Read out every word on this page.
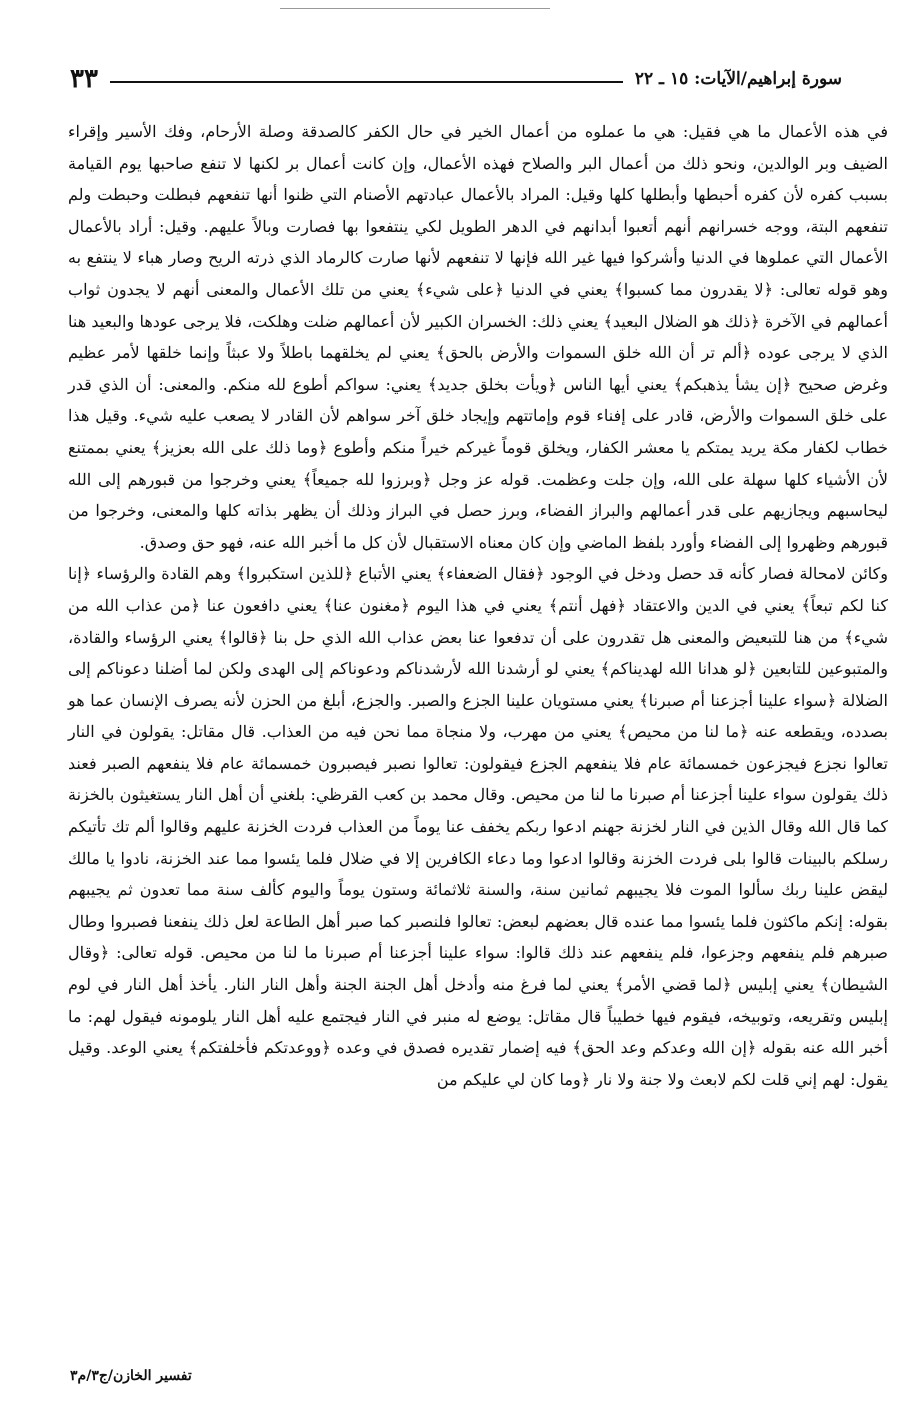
سورة إبراهيم/الآيات: ١٥ ـ ٢٢
٣٣

في هذه الأعمال ما هي فقيل: هي ما عملوه من أعمال الخير في حال الكفر كالصدقة وصلة الأرحام، وفك الأسير وإقراء الضيف وبر الوالدين، ونحو ذلك من أعمال البر والصلاح فهذه الأعمال، وإن كانت أعمال بر لكنها لا تنفع صاحبها يوم القيامة بسبب كفره لأن كفره أحبطها وأبطلها كلها وقيل: المراد بالأعمال عبادتهم الأصنام التي ظنوا أنها تنفعهم فبطلت وحبطت ولم تنفعهم البتة، ووجه خسرانهم أنهم أتعبوا أبدانهم في الدهر الطويل لكي ينتفعوا بها فصارت وبالاً عليهم. وقيل: أراد بالأعمال الأعمال التي عملوها في الدنيا وأشركوا فيها غير الله فإنها لا تنفعهم لأنها صارت كالرماد الذي ذرته الريح وصار هباء لا ينتفع به وهو قوله تعالى: ﴿لا يقدرون مما كسبوا﴾ يعني في الدنيا ﴿على شيء﴾ يعني من تلك الأعمال والمعنى أنهم لا يجدون ثواب أعمالهم في الآخرة ﴿ذلك هو الضلال البعيد﴾ يعني ذلك: الخسران الكبير لأن أعمالهم ضلت وهلكت، فلا يرجى عودها والبعيد هنا الذي لا يرجى عوده ﴿ألم تر أن الله خلق السموات والأرض بالحق﴾ يعني لم يخلقهما باطلاً ولا عبثاً وإنما خلقها لأمر عظيم وغرض صحيح ﴿إن يشأ يذهبكم﴾ يعني أيها الناس ﴿ويأت بخلق جديد﴾ يعني: سواكم أطوع لله منكم. والمعنى: أن الذي قدر على خلق السموات والأرض، قادر على إفناء قوم وإماتتهم وإيجاد خلق آخر سواهم لأن القادر لا يصعب عليه شيء. وقيل هذا خطاب لكفار مكة يريد يمتكم يا معشر الكفار، ويخلق قوماً غيركم خيراً منكم وأطوع ﴿وما ذلك على الله بعزيز﴾ يعني بممتنع لأن الأشياء كلها سهلة على الله، وإن جلت وعظمت. قوله عز وجل ﴿وبرزوا لله جميعاً﴾ يعني وخرجوا من قبورهم إلى الله ليحاسبهم ويجازيهم على قدر أعمالهم والبراز الفضاء، وبرز حصل في البراز وذلك أن يظهر بذاته كلها والمعنى، وخرجوا من قبورهم وظهروا إلى الفضاء وأورد بلفظ الماضي وإن كان معناه الاستقبال لأن كل ما أخبر الله عنه، فهو حق وصدق.

وكائن لامحالة فصار كأنه قد حصل ودخل في الوجود ﴿فقال الضعفاء﴾ يعني الأتباع ﴿للذين استكبروا﴾ وهم القادة والرؤساء ﴿إنا كنا لكم تبعاً﴾ يعني في الدين والاعتقاد ﴿فهل أنتم﴾ يعني في هذا اليوم ﴿مغنون عنا﴾ يعني دافعون عنا ﴿من عذاب الله من شيء﴾ من هنا للتبعيض والمعنى هل تقدرون على أن تدفعوا عنا بعض عذاب الله الذي حل بنا ﴿قالوا﴾ يعني الرؤساء والقادة، والمتبوعين للتابعين ﴿لو هدانا الله لهديناكم﴾ يعني لو أرشدنا الله لأرشدناكم ودعوناكم إلى الهدى ولكن لما أضلنا دعوناكم إلى الضلالة ﴿سواء علينا أجزعنا أم صبرنا﴾ يعني مستويان علينا الجزع والصبر. والجزع، أبلغ من الحزن لأنه يصرف الإنسان عما هو بصدده، ويقطعه عنه ﴿ما لنا من محيص﴾ يعني من مهرب، ولا منجاة مما نحن فيه من العذاب. قال مقاتل: يقولون في النار تعالوا نجزع فيجزعون خمسمائة عام فلا ينفعهم الجزع فيقولون: تعالوا نصبر فيصبرون خمسمائة عام فلا ينفعهم الصبر فعند ذلك يقولون سواء علينا أجزعنا أم صبرنا ما لنا من محيص. وقال محمد بن كعب القرظي: بلغني أن أهل النار يستغيثون بالخزنة كما قال الله وقال الذين في النار لخزنة جهنم ادعوا ربكم يخفف عنا يوماً من العذاب فردت الخزنة عليهم وقالوا ألم تك تأتيكم رسلكم بالبينات قالوا بلى فردت الخزنة وقالوا ادعوا وما دعاء الكافرين إلا في ضلال فلما يئسوا مما عند الخزنة، نادوا يا مالك ليقض علينا ربك سألوا الموت فلا يجيبهم ثمانين سنة، والسنة ثلاثمائة وستون يوماً واليوم كألف سنة مما تعدون ثم يجيبهم بقوله: إنكم ماكثون فلما يئسوا مما عنده قال بعضهم لبعض: تعالوا فلنصبر كما صبر أهل الطاعة لعل ذلك ينفعنا فصبروا وطال صبرهم فلم ينفعهم وجزعوا، فلم ينفعهم عند ذلك قالوا: سواء علينا أجزعنا أم صبرنا ما لنا من محيص. قوله تعالى: ﴿وقال الشيطان﴾ يعني إبليس ﴿لما قضي الأمر﴾ يعني لما فرغ منه وأدخل أهل الجنة الجنة وأهل النار النار. يأخذ أهل النار في لوم إبليس وتقريعه، وتوبيخه، فيقوم فيها خطيباً قال مقاتل: يوضع له منبر في النار فيجتمع عليه أهل النار يلومونه فيقول لهم: ما أخبر الله عنه بقوله ﴿إن الله وعدكم وعد الحق﴾ فيه إضمار تقديره فصدق في وعده ﴿ووعدتكم فأخلفتكم﴾ يعني الوعد. وقيل يقول: لهم إني قلت لكم لابعث ولا جنة ولا نار ﴿وما كان لي عليكم من

تفسير الخازن/ج٣/م٣
